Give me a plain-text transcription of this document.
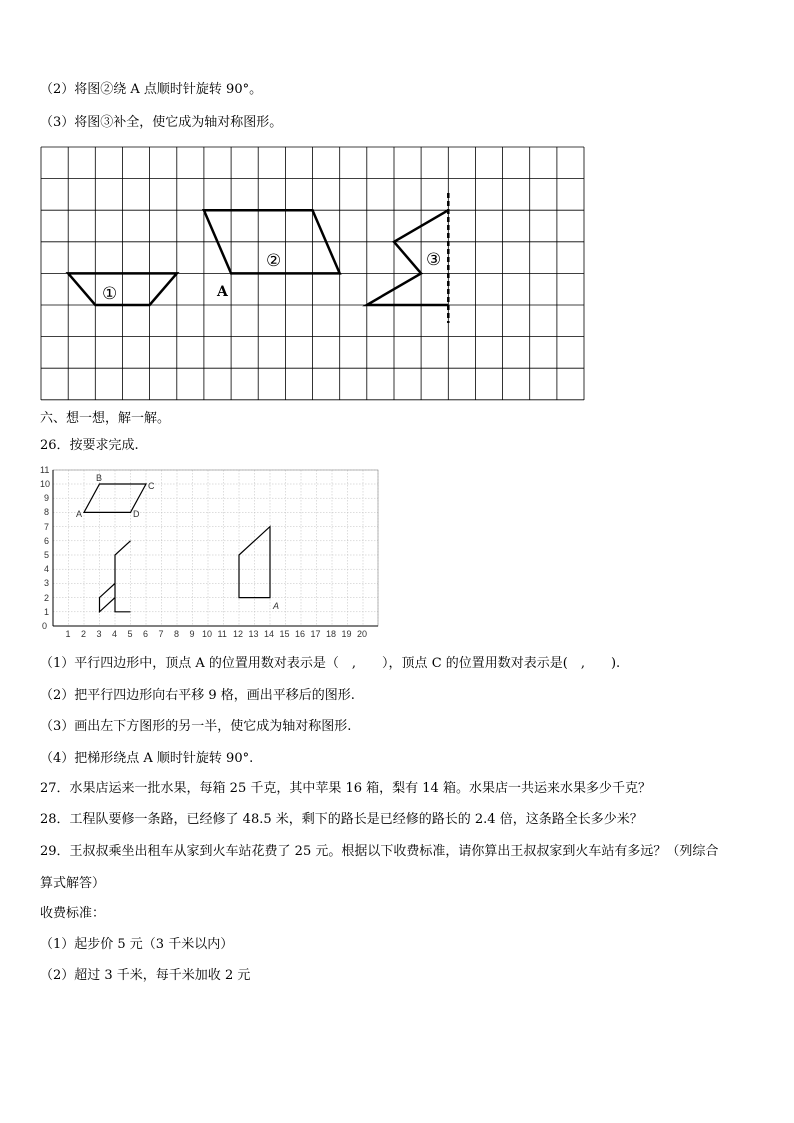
（2）将图②绕 A 点顺时针旋转 90°。
（3）将图③补全，使它成为轴对称图形。
①
②
A
③
六、想一想，解一解。
26．按要求完成.
0
1
2
3
4
5
6
7
8
9
10
11
1 2 3 4 5 6 7 8 9 10 11 12 13 14 15 16 17 18 19 20
A
B
C
D
A
（1）平行四边形中，顶点 A 的位置用数对表示是（　,　　），顶点 C 的位置用数对表示是(　,　　).
（2）把平行四边形向右平移 9 格，画出平移后的图形.
（3）画出左下方图形的另一半，使它成为轴对称图形.
（4）把梯形绕点 A 顺时针旋转 90°.
27．水果店运来一批水果，每箱 25 千克，其中苹果 16 箱，梨有 14 箱。水果店一共运来水果多少千克？
28．工程队要修一条路，已经修了 48.5 米，剩下的路长是已经修的路长的 2.4 倍，这条路全长多少米？
29．王叔叔乘坐出租车从家到火车站花费了 25 元。根据以下收费标准，请你算出王叔叔家到火车站有多远？（列综合
算式解答）
收费标准：
（1）起步价 5 元（3 千米以内）
（2）超过 3 千米，每千米加收 2 元
